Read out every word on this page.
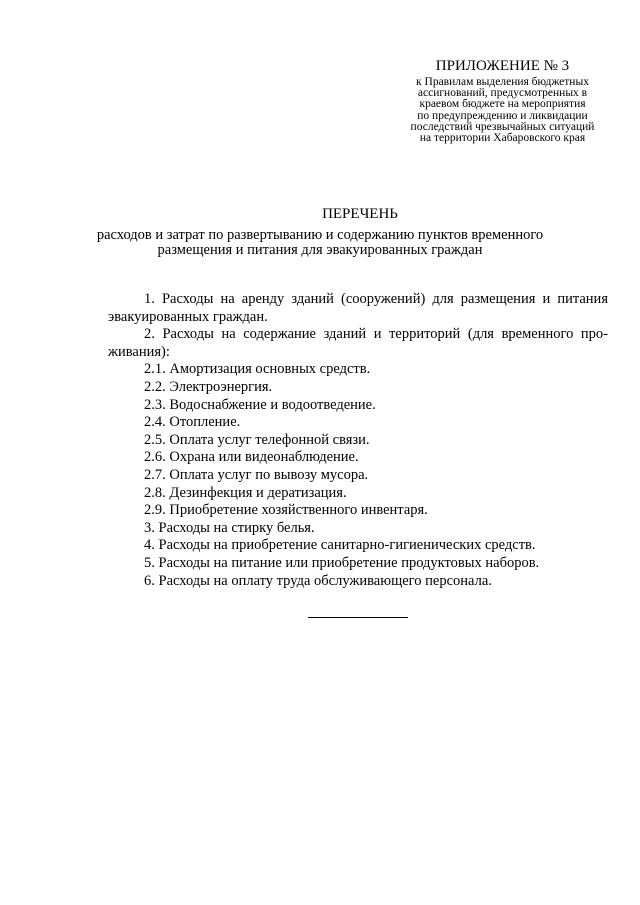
ПРИЛОЖЕНИЕ № 3
к Правилам выделения бюджетных
ассигнований, предусмотренных в
краевом бюджете на мероприятия
по предупреждению и ликвидации
последствий чрезвычайных ситуаций
на территории Хабаровского края
ПЕРЕЧЕНЬ
расходов и затрат по развертыванию и содержанию пунктов временного
размещения и питания для эвакуированных граждан

1. Расходы на аренду зданий (сооружений) для размещения и питания

эвакуированных граждан.

2. Расходы на содержание зданий и территорий (для временного про-

живания):

2.1. Амортизация основных средств.

2.2. Электроэнергия.

2.3. Водоснабжение и водоотведение.

2.4. Отопление.

2.5. Оплата услуг телефонной связи.

2.6. Охрана или видеонаблюдение.

2.7. Оплата услуг по вывозу мусора.

2.8. Дезинфекция и дератизация.

2.9. Приобретение хозяйственного инвентаря.

3. Расходы на стирку белья.

4. Расходы на приобретение санитарно-гигиенических средств.

5. Расходы на питание или приобретение продуктовых наборов.

6. Расходы на оплату труда обслуживающего персонала.
